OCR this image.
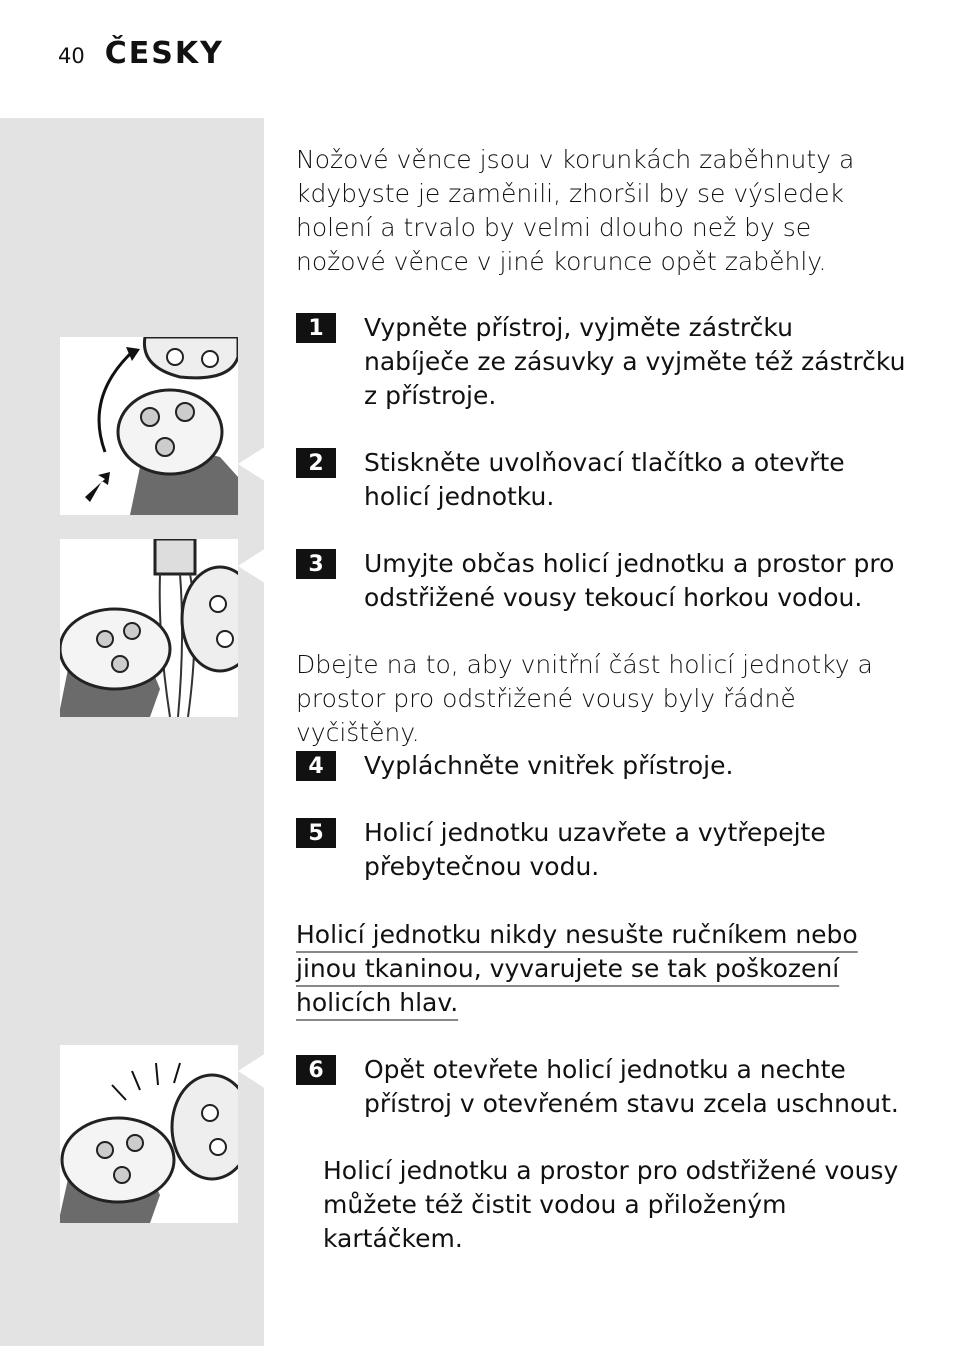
40 ČESKY
Nožové věnce jsou v korunkách zaběhnuty a kdybyste je zaměnili, zhoršil by se výsledek holení a trvalo by velmi dlouho než by se nožové věnce v jiné korunce opět zaběhly.
1	Vypněte přístroj, vyjměte zástrčku nabíječe ze zásuvky a vyjměte též zástrčku z přístroje.
2	Stiskněte uvolňovací tlačítko a otevřte holicí jednotku.
3	Umyjte občas holicí jednotku a prostor pro odstřižené vousy tekoucí horkou vodou.
Dbejte na to, aby vnitřní část holicí jednotky a prostor pro odstřižené vousy byly řádně vyčištěny.
4	Vypláchněte vnitřek přístroje.
5	Holicí jednotku uzavřete a vytřepejte přebytečnou vodu.
Holicí jednotku nikdy nesušte ručníkem nebo jinou tkaninou, vyvarujete se tak poškození holicích hlav.
6	Opět otevřete holicí jednotku a nechte přístroj v otevřeném stavu zcela uschnout.
Holicí jednotku a prostor pro odstřižené vousy můžete též čistit vodou a přiloženým kartáčkem.
